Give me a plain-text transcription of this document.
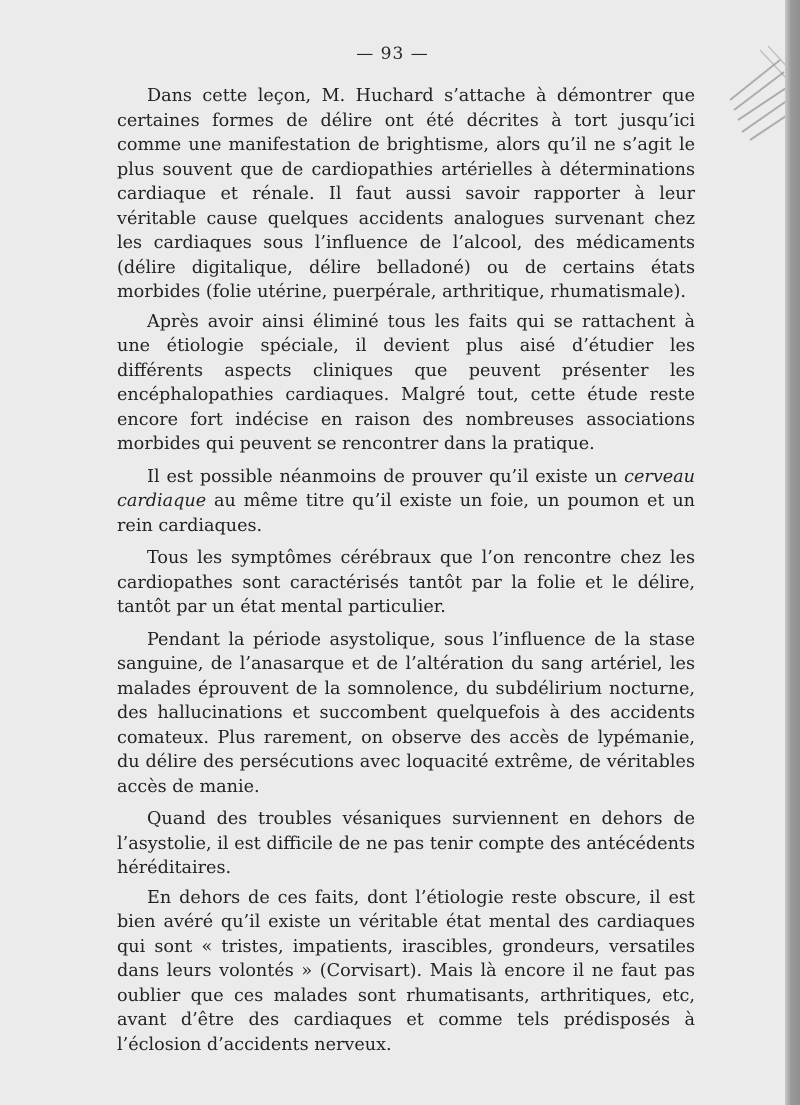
— 93 —

Dans cette leçon, M. Huchard s’attache à démontrer que certaines formes de délire ont été décrites à tort jusqu’ici comme une manifestation de brightisme, alors qu’il ne s’agit le plus souvent que de cardiopathies artérielles à déterminations cardiaque et rénale. Il faut aussi savoir rapporter à leur véritable cause quelques accidents analogues survenant chez les cardiaques sous l’influence de l’alcool, des médicaments (délire digitalique, délire belladoné) ou de certains états morbides (folie utérine, puerpérale, arthritique, rhumatismale).

Après avoir ainsi éliminé tous les faits qui se rattachent à une étiologie spéciale, il devient plus aisé d’étudier les différents aspects cliniques que peuvent présenter les encéphalopathies cardiaques. Malgré tout, cette étude reste encore fort indécise en raison des nombreuses associations morbides qui peuvent se rencontrer dans la pratique.

Il est possible néanmoins de prouver qu’il existe un cerveau cardiaque au même titre qu’il existe un foie, un poumon et un rein cardiaques.

Tous les symptômes cérébraux que l’on rencontre chez les cardiopathes sont caractérisés tantôt par la folie et le délire, tantôt par un état mental particulier.

Pendant la période asystolique, sous l’influence de la stase sanguine, de l’anasarque et de l’altération du sang artériel, les malades éprouvent de la somnolence, du subdélirium nocturne, des hallucinations et succombent quelquefois à des accidents comateux. Plus rarement, on observe des accès de lypémanie, du délire des persécutions avec loquacité extrême, de véritables accès de manie.

Quand des troubles vésaniques surviennent en dehors de l’asystolie, il est difficile de ne pas tenir compte des antécédents héréditaires.

En dehors de ces faits, dont l’étiologie reste obscure, il est bien avéré qu’il existe un véritable état mental des cardiaques qui sont « tristes, impatients, irascibles, grondeurs, versatiles dans leurs volontés » (Corvisart). Mais là encore il ne faut pas oublier que ces malades sont rhumatisants, arthritiques, etc, avant d’être des cardiaques et comme tels prédisposés à l’éclosion d’accidents nerveux.
